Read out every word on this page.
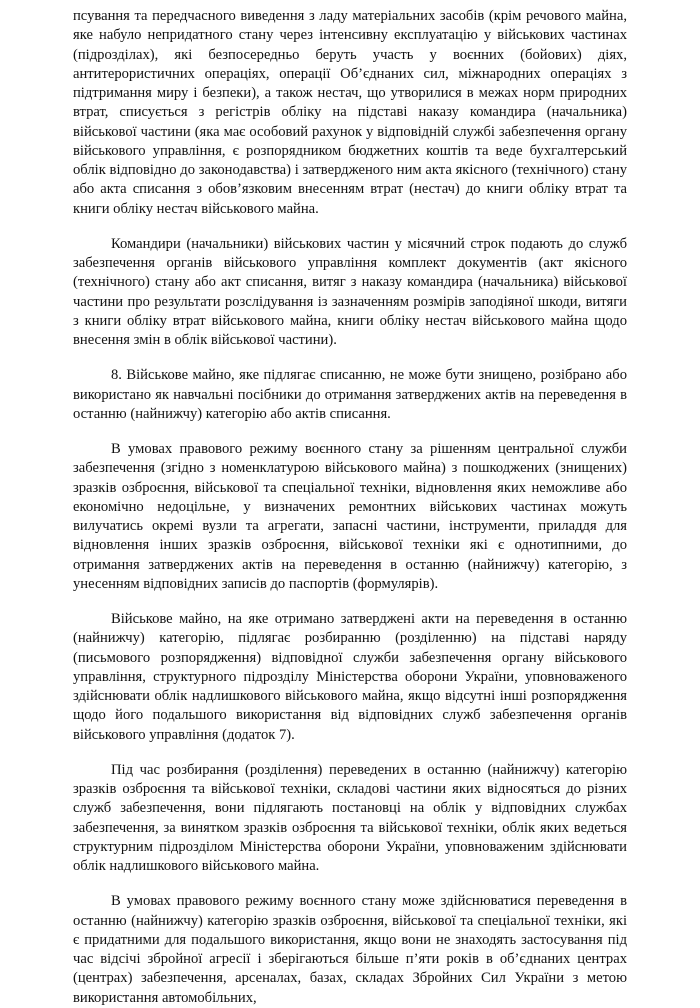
псування та передчасного виведення з ладу матеріальних засобів (крім речового майна, яке набуло непридатного стану через інтенсивну експлуатацію у військових частинах (підрозділах), які безпосередньо беруть участь у воєнних (бойових) діях, антитерористичних операціях, операції Об’єднаних сил, міжнародних операціях з підтримання миру і безпеки), а також нестач, що утворилися в межах норм природних втрат, списується з регістрів обліку на підставі наказу командира (начальника) військової частини (яка має особовий рахунок у відповідній службі забезпечення органу військового управління, є розпорядником бюджетних коштів та веде бухгалтерський облік відповідно до законодавства) і затвердженого ним акта якісного (технічного) стану або акта списання з обов’язковим внесенням втрат (нестач) до книги обліку втрат та книги обліку нестач військового майна.

Командири (начальники) військових частин у місячний строк подають до служб забезпечення органів військового управління комплект документів (акт якісного (технічного) стану або акт списання, витяг з наказу командира (начальника) військової частини про результати розслідування із зазначенням розмірів заподіяної шкоди, витяги з книги обліку втрат військового майна, книги обліку нестач військового майна щодо внесення змін в облік військової частини).

8. Військове майно, яке підлягає списанню, не може бути знищено, розібрано або використано як навчальні посібники до отримання затверджених актів на переведення в останню (найнижчу) категорію або актів списання.

В умовах правового режиму воєнного стану за рішенням центральної служби забезпечення (згідно з номенклатурою військового майна) з пошкоджених (знищених) зразків озброєння, військової та спеціальної техніки, відновлення яких неможливе або економічно недоцільне, у визначених ремонтних військових частинах можуть вилучатись окремі вузли та агрегати, запасні частини, інструменти, приладдя для відновлення інших зразків озброєння, військової техніки які є однотипними, до отримання затверджених актів на переведення в останню (найнижчу) категорію, з унесенням відповідних записів до паспортів (формулярів).

Військове майно, на яке отримано затверджені акти на переведення в останню (найнижчу) категорію, підлягає розбиранню (розділенню) на підставі наряду (письмового розпорядження) відповідної служби забезпечення органу військового управління, структурного підрозділу Міністерства оборони України, уповноваженого здійснювати облік надлишкового військового майна, якщо відсутні інші розпорядження щодо його подальшого використання від відповідних служб забезпечення органів військового управління (додаток 7).

Під час розбирання (розділення) переведених в останню (найнижчу) категорію зразків озброєння та військової техніки, складові частини яких відносяться до різних служб забезпечення, вони підлягають постановці на облік у відповідних службах забезпечення, за винятком зразків озброєння та військової техніки, облік яких ведеться структурним підрозділом Міністерства оборони України, уповноваженим здійснювати облік надлишкового військового майна.

В умовах правового режиму воєнного стану може здійснюватися переведення в останню (найнижчу) категорію зразків озброєння, військової та спеціальної техніки, які є придатними для подальшого використання, якщо вони не знаходять застосування під час відсічі збройної агресії і зберігаються більше п’яти років в об’єднаних центрах (центрах) забезпечення, арсеналах, базах, складах Збройних Сил України з метою використання автомобільних,
